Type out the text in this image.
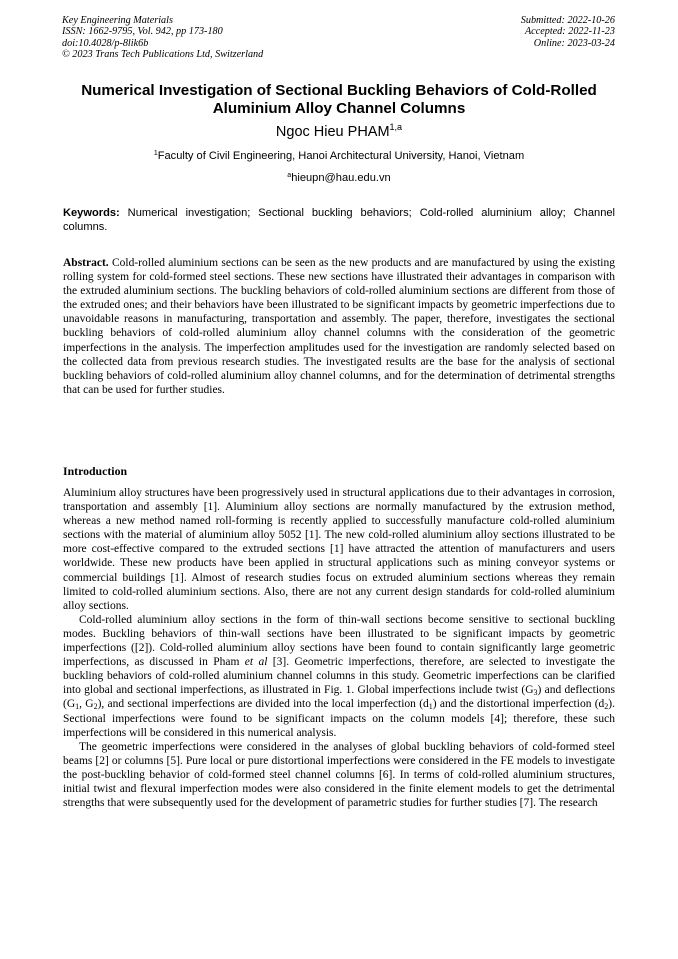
Key Engineering Materials
ISSN: 1662-9795, Vol. 942, pp 173-180
doi:10.4028/p-8lik6b
© 2023 Trans Tech Publications Ltd, Switzerland
Submitted: 2022-10-26
Accepted: 2022-11-23
Online: 2023-03-24
Numerical Investigation of Sectional Buckling Behaviors of Cold-Rolled
Aluminium Alloy Channel Columns
Ngoc Hieu PHAM$^{1,a}$
$^1$Faculty of Civil Engineering, Hanoi Architectural University, Hanoi, Vietnam
$^a$hieupn@hau.edu.vn
Keywords: Numerical investigation; Sectional buckling behaviors; Cold-rolled aluminium alloy; Channel columns.
Abstract. Cold-rolled aluminium sections can be seen as the new products and are manufactured by using the existing rolling system for cold-formed steel sections. These new sections have illustrated their advantages in comparison with the extruded aluminium sections. The buckling behaviors of cold-rolled aluminium sections are different from those of the extruded ones; and their behaviors have been illustrated to be significant impacts by geometric imperfections due to unavoidable reasons in manufacturing, transportation and assembly. The paper, therefore, investigates the sectional buckling behaviors of cold-rolled aluminium alloy channel columns with the consideration of the geometric imperfections in the analysis. The imperfection amplitudes used for the investigation are randomly selected based on the collected data from previous research studies. The investigated results are the base for the analysis of sectional buckling behaviors of cold-rolled aluminium alloy channel columns, and for the determination of detrimental strengths that can be used for further studies.
Introduction

Aluminium alloy structures have been progressively used in structural applications due to their advantages in corrosion, transportation and assembly [1]. Aluminium alloy sections are normally manufactured by the extrusion method, whereas a new method named roll-forming is recently applied to successfully manufacture cold-rolled aluminium sections with the material of aluminium alloy 5052 [1]. The new cold-rolled aluminium alloy sections illustrated to be more cost-effective compared to the extruded sections [1] have attracted the attention of manufacturers and users worldwide. These new products have been applied in structural applications such as mining conveyor systems or commercial buildings [1]. Almost of research studies focus on extruded aluminium sections whereas they remain limited to cold-rolled aluminium sections. Also, there are not any current design standards for cold-rolled aluminium alloy sections.

Cold-rolled aluminium alloy sections in the form of thin-wall sections become sensitive to sectional buckling modes. Buckling behaviors of thin-wall sections have been illustrated to be significant impacts by geometric imperfections ([2]). Cold-rolled aluminium alloy sections have been found to contain significantly large geometric imperfections, as discussed in Pham et al [3]. Geometric imperfections, therefore, are selected to investigate the buckling behaviors of cold-rolled aluminium channel columns in this study. Geometric imperfections can be clarified into global and sectional imperfections, as illustrated in Fig. 1. Global imperfections include twist $(G_3)$ and deflections ($G_1$, $G_2$), and sectional imperfections are divided into the local imperfection $(d_1)$ and the distortional imperfection $(d_2)$. Sectional imperfections were found to be significant impacts on the column models [4]; therefore, these such imperfections will be considered in this numerical analysis.

The geometric imperfections were considered in the analyses of global buckling behaviors of cold-formed steel beams [2] or columns [5]. Pure local or pure distortional imperfections were considered in the FE models to investigate the post-buckling behavior of cold-formed steel channel columns [6]. In terms of cold-rolled aluminium structures, initial twist and flexural imperfection modes were also considered in the finite element models to get the detrimental strengths that were subsequently used for the development of parametric studies for further studies [7]. The research
